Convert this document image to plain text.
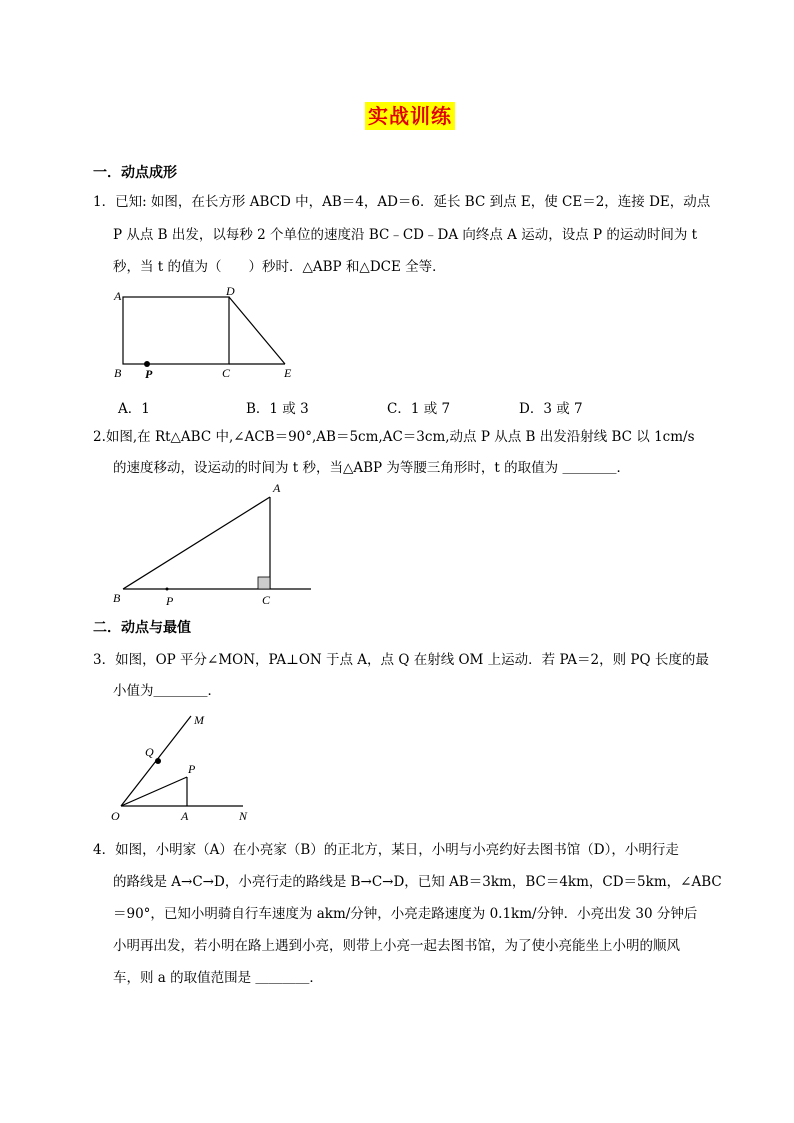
实战训练
一．动点成形
1．已知: 如图，在长方形 ABCD 中，AB＝4，AD＝6．延长 BC 到点 E，使 CE＝2，连接 DE，动点
P 从点 B 出发，以每秒 2 个单位的速度沿 BC﹣CD﹣DA 向终点 A 运动，设点 P 的运动时间为 t
秒，当 t 的值为（　　）秒时．△ABP 和△DCE 全等．
A	D
B P	C	E
A．1	B．1 或 3	C．1 或 7	D．3 或 7
2.如图,在 Rt△ABC 中,∠ACB＝90°,AB＝5cm,AC＝3cm,动点 P 从点 B 出发沿射线 BC 以 1cm/s
的速度移动，设运动的时间为 t 秒，当△ABP 为等腰三角形时，t 的取值为 ＿＿＿＿．
A
B	P	C
二．动点与最值
3．如图，OP 平分∠MON，PA⊥ON 于点 A，点 Q 在射线 OM 上运动．若 PA＝2，则 PQ 长度的最
小值为＿＿＿＿．
M
Q
P
O	A	N
4．如图，小明家（A）在小亮家（B）的正北方，某日，小明与小亮约好去图书馆（D），小明行走
的路线是 A→C→D，小亮行走的路线是 B→C→D，已知 AB＝3km，BC＝4km，CD＝5km，∠ABC
＝90°，已知小明骑自行车速度为 akm/分钟，小亮走路速度为 0.1km/分钟．小亮出发 30 分钟后
小明再出发，若小明在路上遇到小亮，则带上小亮一起去图书馆，为了使小亮能坐上小明的顺风
车，则 a 的取值范围是 ＿＿＿＿．
